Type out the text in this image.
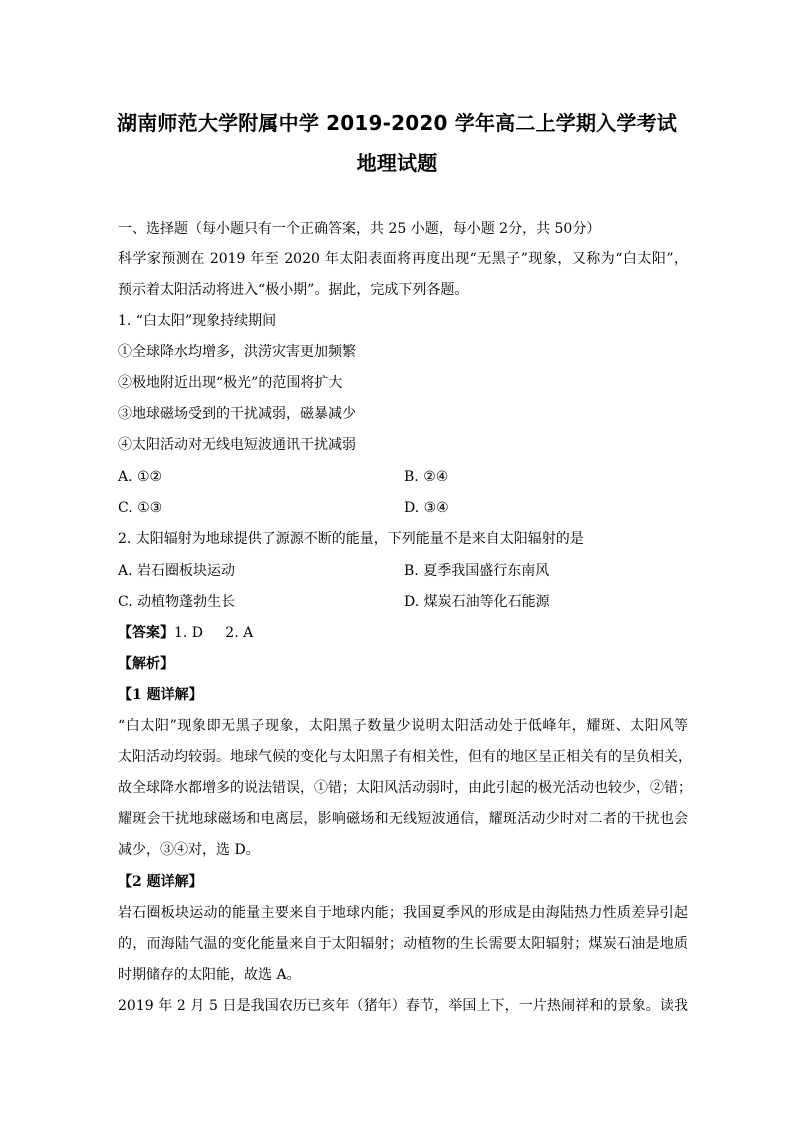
湖南师范大学附属中学 2019-2020 学年高二上学期入学考试
地理试题
一、选择题（每小题只有一个正确答案，共 25 小题，每小题 2分，共 50分）
科学家预测在 2019 年至 2020 年太阳表面将再度出现“无黑子”现象，又称为“白太阳”，
预示着太阳活动将进入“极小期”。据此，完成下列各题。
1. “白太阳”现象持续期间
①全球降水均增多，洪涝灾害更加频繁
②极地附近出现“极光”的范围将扩大
③地球磁场受到的干扰减弱，磁暴减少
④太阳活动对无线电短波通讯干扰减弱
A. ①②	B. ②④
C. ①③	D. ③④
2. 太阳辐射为地球提供了源源不断的能量，下列能量不是来自太阳辐射的是
A. 岩石圈板块运动	B. 夏季我国盛行东南风
C. 动植物蓬勃生长	D. 煤炭石油等化石能源
【答案】1. D     2. A
【解析】
【1 题详解】
“白太阳”现象即无黑子现象，太阳黑子数量少说明太阳活动处于低峰年，耀斑、太阳风等
太阳活动均较弱。地球气候的变化与太阳黑子有相关性，但有的地区呈正相关有的呈负相关，
故全球降水都增多的说法错误，①错；太阳风活动弱时，由此引起的极光活动也较少，②错；
耀斑会干扰地球磁场和电离层，影响磁场和无线短波通信，耀斑活动少时对二者的干扰也会
减少，③④对，选 D。
【2 题详解】
岩石圈板块运动的能量主要来自于地球内能；我国夏季风的形成是由海陆热力性质差异引起
的，而海陆气温的变化能量来自于太阳辐射；动植物的生长需要太阳辐射；煤炭石油是地质
时期储存的太阳能，故选 A。
2019 年 2 月 5 日是我国农历已亥年（猪年）春节，举国上下，一片热闹祥和的景象。读我
